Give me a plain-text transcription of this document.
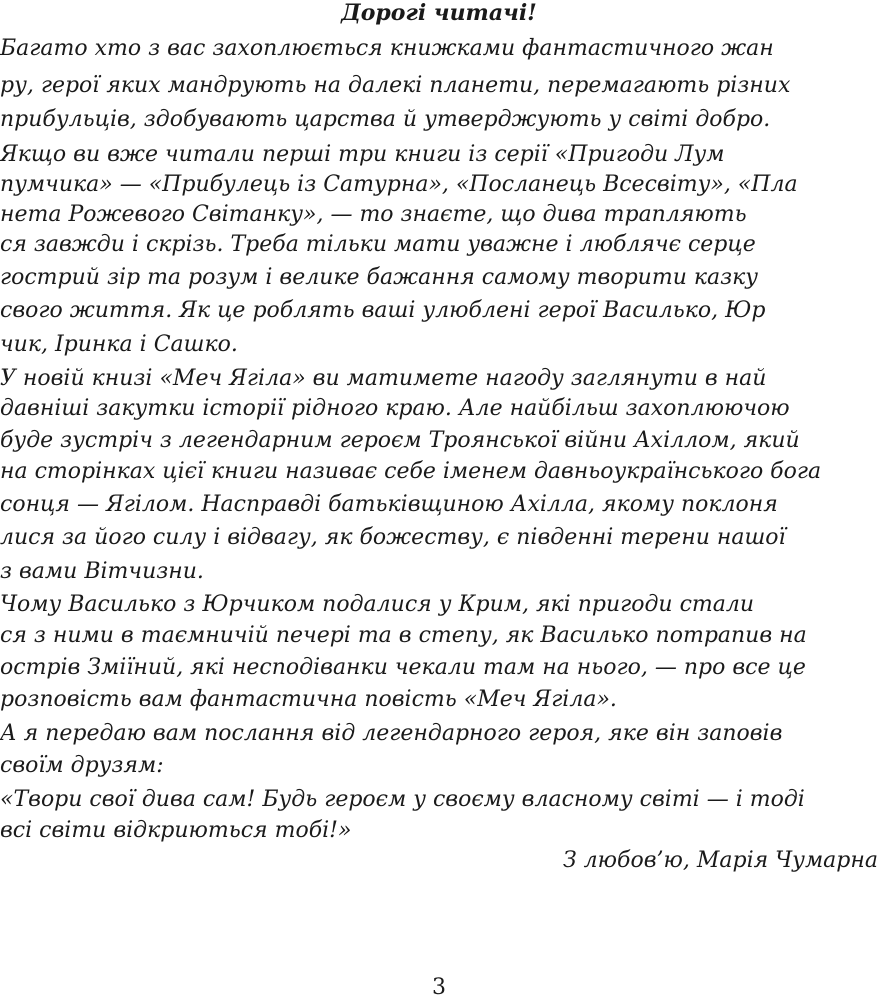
Дорогі читачі!
Багато хто з вас захоплюється книжками фантастичного жан
ру, герої яких мандрують на далекі планети, перемагають різних
прибульців, здобувають царства й утверджують у світі добро.
Якщо ви вже читали перші три книги із серії «Пригоди Лум
пумчика» — «Прибулець із Сатурна», «Посланець Всесвіту», «Пла
нета Рожевого Світанку», — то знаєте, що дива трапляють
ся завжди і скрізь. Треба тільки мати уважне і люблячє серце
гострий зір та розум і велике бажання самому творити казку
свого життя. Як це роблять ваші улюблені герої Василько, Юр
чик, Іринка і Сашко.
У новій книзі «Меч Ягіла» ви матимете нагоду заглянути в най
давніші закутки історії рідного краю. Але найбільш захоплюючою
буде зустріч з легендарним героєм Троянської війни Ахіллом, який
на сторінках цієї книги називає себе іменем давньоукраїнського бога
сонця — Ягілом. Насправді батьківщиною Ахілла, якому поклоня
лися за його силу і відвагу, як божеству, є південні терени нашої
з вами Вітчизни.
Чому Василько з Юрчиком подалися у Крим, які пригоди стали
ся з ними в таємничій печері та в степу, як Василько потрапив на
острів Зміїний, які несподіванки чекали там на нього, — про все це
розповість вам фантастична повість «Меч Ягіла».
А я передаю вам послання від легендарного героя, яке він заповів
своїм друзям:
«Твори свої дива сам! Будь героєм у своєму власному світі — і тоді
всі світи відкриються тобі!»
З любов’ю, Марія Чумарна
3
